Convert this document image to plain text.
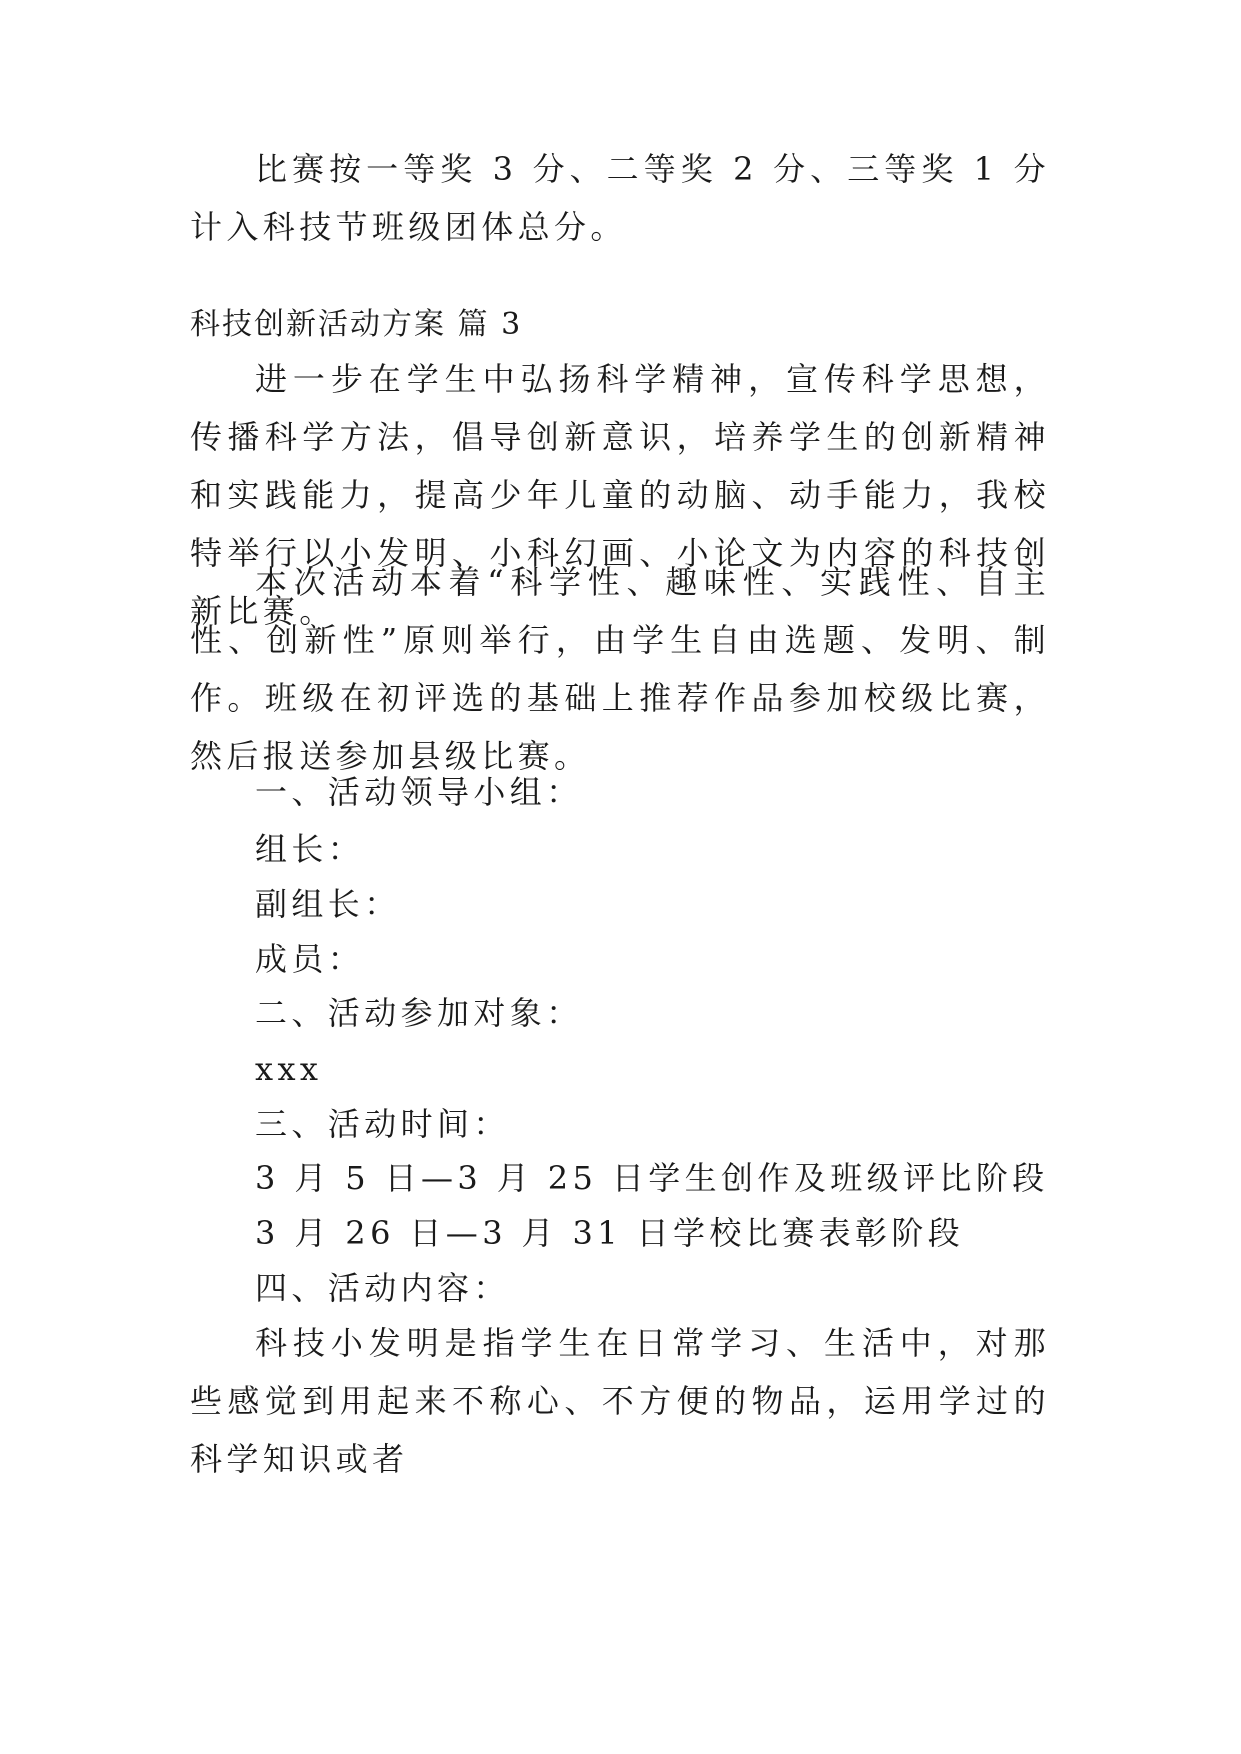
比赛按一等奖 3 分、二等奖 2 分、三等奖 1 分计入科技节班级团体总分。

科技创新活动方案 篇 3

进一步在学生中弘扬科学精神，宣传科学思想，传播科学方法，倡导创新意识，培养学生的创新精神和实践能力，提高少年儿童的动脑、动手能力，我校特举行以小发明、小科幻画、小论文为内容的科技创新比赛。

本次活动本着“科学性、趣味性、实践性、自主性、创新性”原则举行，由学生自由选题、发明、制作。班级在初评选的基础上推荐作品参加校级比赛，然后报送参加县级比赛。

一、活动领导小组：

组长：

副组长：

成员：

二、活动参加对象：

xxx

三、活动时间：

3 月 5 日—3 月 25 日学生创作及班级评比阶段

3 月 26 日—3 月 31 日学校比赛表彰阶段

四、活动内容：

科技小发明是指学生在日常学习、生活中，对那些感觉到用起来不称心、不方便的物品，运用学过的科学知识或者
